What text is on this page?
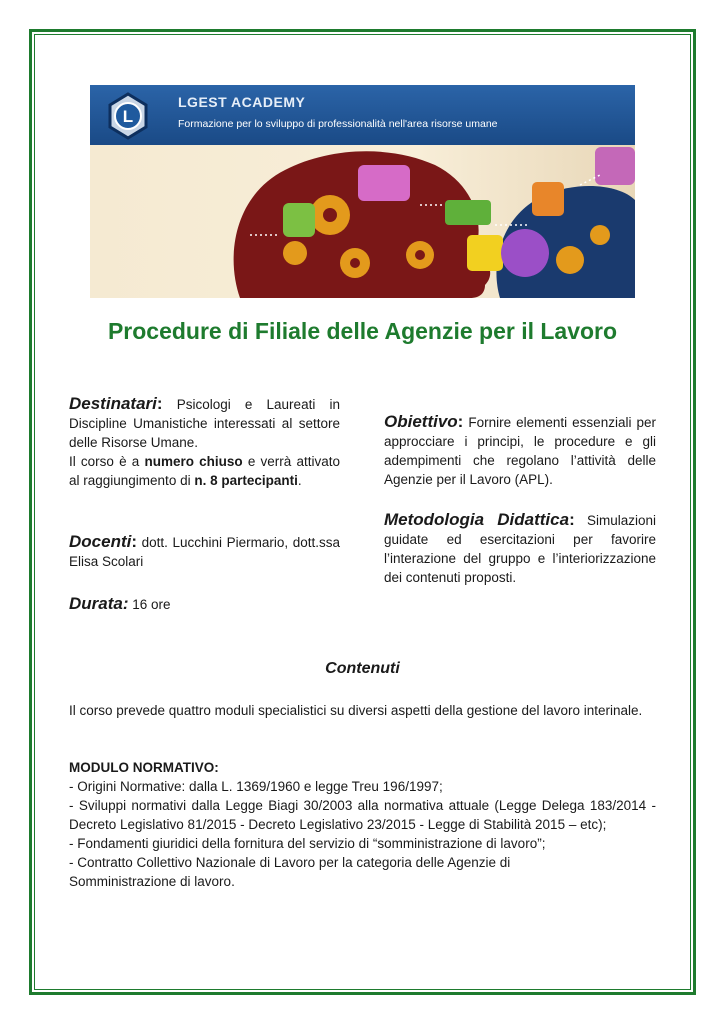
L
LGEST ACADEMY
Formazione per lo sviluppo di professionalità nell'area risorse umane
Procedure di Filiale delle Agenzie per il Lavoro
Destinatari: Psicologi e Laureati in Discipline Umanistiche interessati al settore delle Risorse Umane.
Il corso è a numero chiuso e verrà attivato al raggiungimento di n. 8 partecipanti.
Docenti: dott. Lucchini Piermario, dott.ssa Elisa Scolari
Durata: 16 ore
Obiettivo: Fornire elementi essenziali per approcciare i principi, le procedure e gli adempimenti che regolano l’attività delle Agenzie per il Lavoro (APL).
Metodologia Didattica: Simulazioni guidate ed esercitazioni per favorire l’interazione del gruppo e l’interiorizzazione dei contenuti proposti.
Contenuti
Il corso prevede quattro moduli specialistici su diversi aspetti della gestione del lavoro interinale.
MODULO NORMATIVO:
- Origini Normative: dalla L. 1369/1960 e legge Treu 196/1997;
- Sviluppi normativi dalla Legge Biagi 30/2003 alla normativa attuale (Legge Delega 183/2014 - Decreto Legislativo 81/2015 - Decreto Legislativo 23/2015 - Legge di Stabilità 2015 – etc);
- Fondamenti giuridici della fornitura del servizio di “somministrazione di lavoro”;
- Contratto Collettivo Nazionale di Lavoro per la categoria delle Agenzie di Somministrazione di lavoro.
